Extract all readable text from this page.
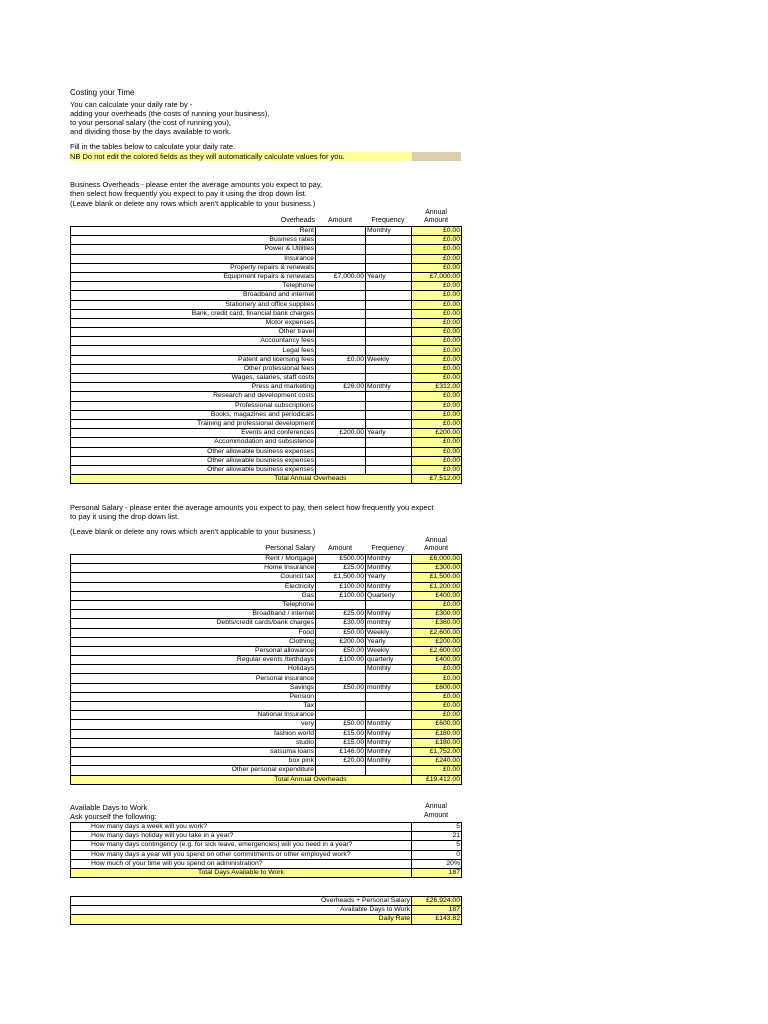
Costing your Time
You can calculate your daily rate by -
adding your overheads (the costs of running your business),
to your personal salary (the cost of running you),
and dividing those by the days available to work.
Fill in the tables below to calculate your daily rate.
NB Do not edit the colored fields as they will automatically calculate values for you.
Business Overheads - please enter the average amounts you expect to pay,
then select how frequently you expect to pay it using the drop down list.
(Leave blank or delete any rows which aren't applicable to your business.)
Overheads	Amount	Frequency
Annual
Amount
Rent		Monthly	£0.00
Business rates			£0.00
Power & Utilities			£0.00
Insurance			£0.00
Property repairs & renewals			£0.00
Equipment repairs & renewals	£7,000.00	Yearly	£7,000.00
Telephone			£0.00
Broadband and internet			£0.00
Stationery and office supplies			£0.00
Bank, credit card, financial bank charges			£0.00
Motor expenses			£0.00
Other travel			£0.00
Accountancy fees			£0.00
Legal fees			£0.00
Patent and licensing fees	£0.00	Weekly	£0.00
Other professional fees			£0.00
Wages, salaries, staff costs			£0.00
Press and marketing	£26.00	Monthly	£312.00
Research and development costs			£0.00
Professional subscriptions			£0.00
Books, magazines and periodicals			£0.00
Training and professional development			£0.00
Events and conferences	£200.00	Yearly	£200.00
Accommodation and subsistence			£0.00
Other allowable business expenses			£0.00
Other allowable business expenses			£0.00
Other allowable business expenses			£0.00
Total Annual Overheads			£7,512.00
Personal Salary - please enter the average amounts you expect to pay, then select how frequently you expect
to pay it using the drop down list.
(Leave blank or delete any rows which aren't applicable to your business.)
Personal Salary	Amount	Frequency
Annual
Amount
Rent / Mortgage	£500.00	Monthly	£6,000.00
Home Insurance	£25.00	Monthly	£300.00
Council tax	£1,500.00	Yearly	£1,500.00
Electricity	£100.00	Monthly	£1,200.00
Gas	£100.00	Quarterly	£400.00
Telephone			£0.00
Broadband / internet	£25.00	Monthly	£300.00
Debts/credit cards/bank charges	£30.00	monthly	£360.00
Food	£50.00	Weekly	£2,600.00
Clothing	£200.00	Yearly	£200.00
Personal allowance	£50.00	Weekly	£2,600.00
Regular events /birthdays	£100.00	quarterly	£400.00
Holidays		Monthly	£0.00
Personal insurance			£0.00
Savings	£50.00	monthly	£600.00
Pension			£0.00
Tax			£0.00
National Insurance			£0.00
very	£50.00	Monthly	£600.00
fashion world	£15.00	Monthly	£180.00
studio	£15.00	Monthly	£180.00
satsuma loans	£146.00	Monthly	£1,752.00
box pink	£20.00	Monthly	£240.00
Other personal expenditure			£0.00
Total Annual Overheads			£19,412.00
Available Days to Work
Ask yourself the following:
Annual
Amount
How many days a week will you work?	5
How many days holiday will you take in a year?	21
How many days contingency (e.g. for sick leave, emergencies) will you need in a year?	5
How many days a year will you spend on other commitments or other employed work?	0
How much of your time will you spend on administration?	20%
Total Days Available to Work	187
Overheads + Personal Salary	£26,924.00
Available Days to Work	187
Daily Rate	£143.82
